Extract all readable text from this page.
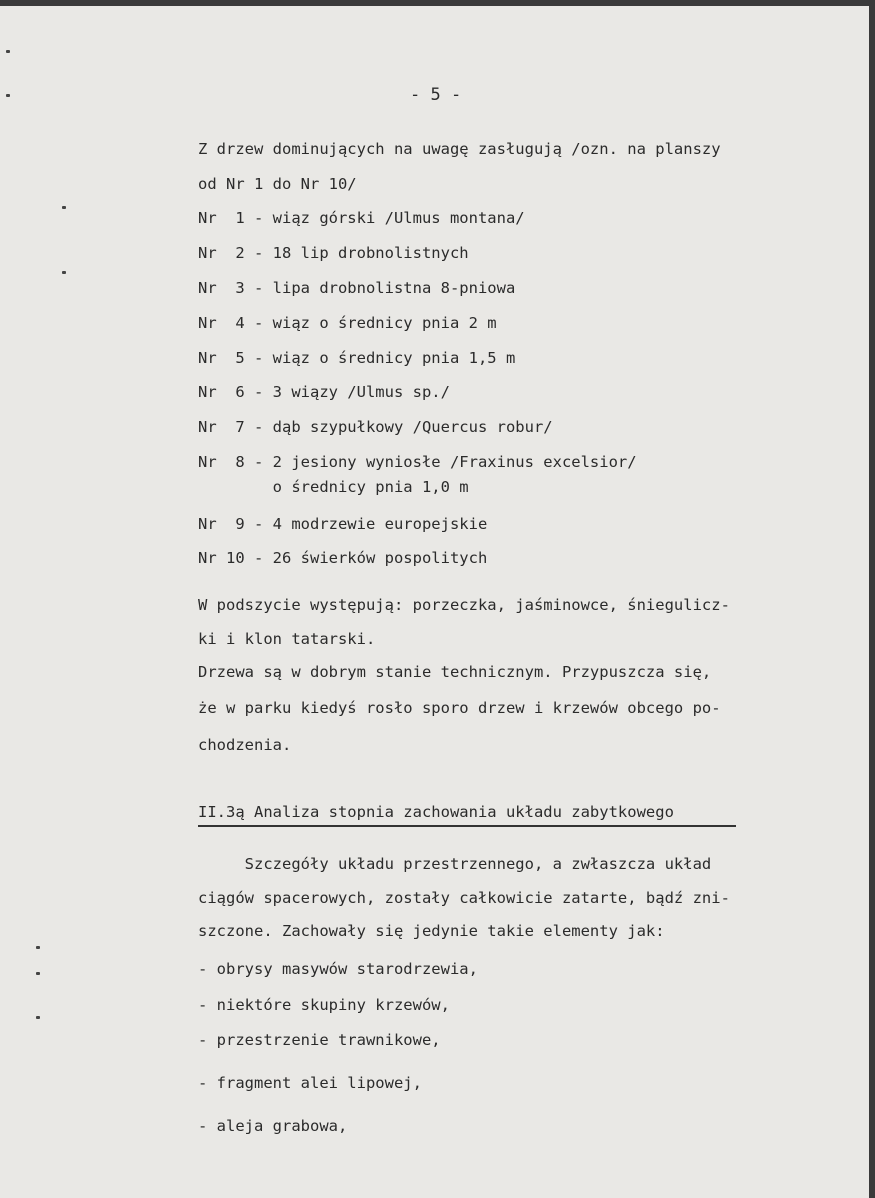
- 5 -
Z drzew dominujących na uwagę zasługują /ozn. na planszy
od Nr 1 do Nr 10/
Nr  1 - wiąz górski /Ulmus montana/
Nr  2 - 18 lip drobnolistnych
Nr  3 - lipa drobnolistna 8-pniowa
Nr  4 - wiąz o średnicy pnia 2 m
Nr  5 - wiąz o średnicy pnia 1,5 m
Nr  6 - 3 wiązy /Ulmus sp./
Nr  7 - dąb szypułkowy /Quercus robur/
Nr  8 - 2 jesiony wyniosłe /Fraxinus excelsior/
o średnicy pnia 1,0 m
Nr  9 - 4 modrzewie europejskie
Nr 10 - 26 świerków pospolitych
W podszycie występują: porzeczka, jaśminowce, śniegulicz-
ki i klon tatarski.
Drzewa są w dobrym stanie technicznym. Przypuszcza się,
że w parku kiedyś rosło sporo drzew i krzewów obcego po-
chodzenia.
II.3ą Analiza stopnia zachowania układu zabytkowego
Szczegóły układu przestrzennego, a zwłaszcza układ
ciągów spacerowych, zostały całkowicie zatarte, bądź zni-
szczone. Zachowały się jedynie takie elementy jak:
- obrysy masywów starodrzewia,
- niektóre skupiny krzewów,
- przestrzenie trawnikowe,
- fragment alei lipowej,
- aleja grabowa,
